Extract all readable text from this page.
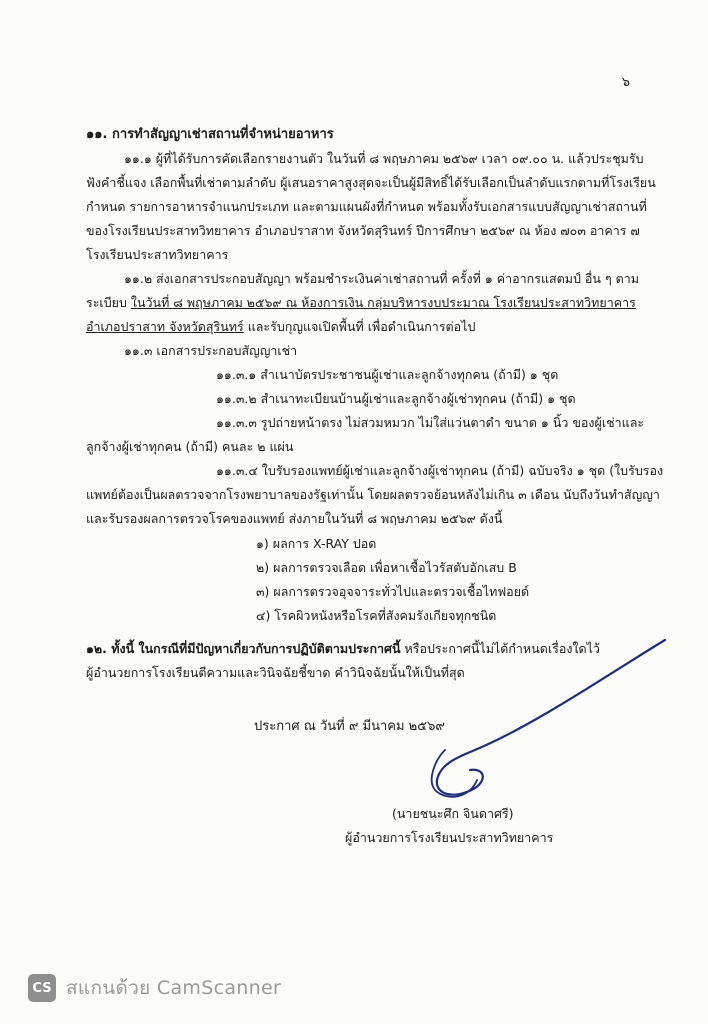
๖
๑๑. การทำสัญญาเช่าสถานที่จำหน่ายอาหาร
๑๑.๑ ผู้ที่ได้รับการคัดเลือกรายงานตัว ในวันที่ ๘ พฤษภาคม ๒๕๖๙ เวลา ๐๙.๐๐ น. แล้วประชุมรับ
ฟังคำชี้แจง เลือกพื้นที่เช่าตามลำดับ ผู้เสนอราคาสูงสุดจะเป็นผู้มีสิทธิ์ได้รับเลือกเป็นลำดับแรกตามที่โรงเรียน
กำหนด รายการอาหารจำแนกประเภท และตามแผนผังที่กำหนด พร้อมทั้งรับเอกสารแบบสัญญาเช่าสถานที่
ของโรงเรียนประสาทวิทยาคาร อำเภอปราสาท จังหวัดสุรินทร์ ปีการศึกษา ๒๕๖๙ ณ ห้อง ๗๐๓ อาคาร ๗
โรงเรียนประสาทวิทยาคาร
๑๑.๒ ส่งเอกสารประกอบสัญญา พร้อมชำระเงินค่าเช่าสถานที่ ครั้งที่ ๑ ค่าอากรแสตมป์ อื่น ๆ ตาม
ระเบียบ ในวันที่ ๘ พฤษภาคม ๒๕๖๙ ณ ห้องการเงิน กลุ่มบริหารงบประมาณ โรงเรียนประสาทวิทยาคาร
อำเภอปราสาท จังหวัดสุรินทร์ และรับกุญแจเปิดพื้นที่ เพื่อดำเนินการต่อไป
๑๑.๓ เอกสารประกอบสัญญาเช่า
๑๑.๓.๑ สำเนาบัตรประชาชนผู้เช่าและลูกจ้างทุกคน (ถ้ามี) ๑ ชุด
๑๑.๓.๒ สำเนาทะเบียนบ้านผู้เช่าและลูกจ้างผู้เช่าทุกคน (ถ้ามี) ๑ ชุด
๑๑.๓.๓ รูปถ่ายหน้าตรง ไม่สวมหมวก ไม่ใส่แว่นตาดำ ขนาด ๑ นิ้ว ของผู้เช่าและ
ลูกจ้างผู้เช่าทุกคน (ถ้ามี) คนละ ๒ แผ่น
๑๑.๓.๔ ใบรับรองแพทย์ผู้เช่าและลูกจ้างผู้เช่าทุกคน (ถ้ามี) ฉบับจริง ๑ ชุด (ใบรับรอง
แพทย์ต้องเป็นผลตรวจจากโรงพยาบาลของรัฐเท่านั้น โดยผลตรวจย้อนหลังไม่เกิน ๓ เดือน นับถึงวันทำสัญญา
และรับรองผลการตรวจโรคของแพทย์ ส่งภายในวันที่ ๘ พฤษภาคม ๒๕๖๙ ดังนี้
๑) ผลการ X-RAY ปอด
๒) ผลการตรวจเลือด เพื่อหาเชื้อไวรัสตับอักเสบ B
๓) ผลการตรวจอุจจาระทั่วไปและตรวจเชื้อไทฟอยด์
๔) โรคผิวหนังหรือโรคที่สังคมรังเกียจทุกชนิด
๑๒. ทั้งนี้ ในกรณีที่มีปัญหาเกี่ยวกับการปฏิบัติตามประกาศนี้ หรือประกาศนี้ไม่ได้กำหนดเรื่องใดไว้
ผู้อำนวยการโรงเรียนตีความและวินิจฉัยชี้ขาด คำวินิจฉัยนั้นให้เป็นที่สุด
ประกาศ ณ วันที่ ๙ มีนาคม ๒๕๖๙
(นายชนะศึก จินดาศรี)
ผู้อำนวยการโรงเรียนประสาทวิทยาคาร
CS สแกนด้วย CamScanner
